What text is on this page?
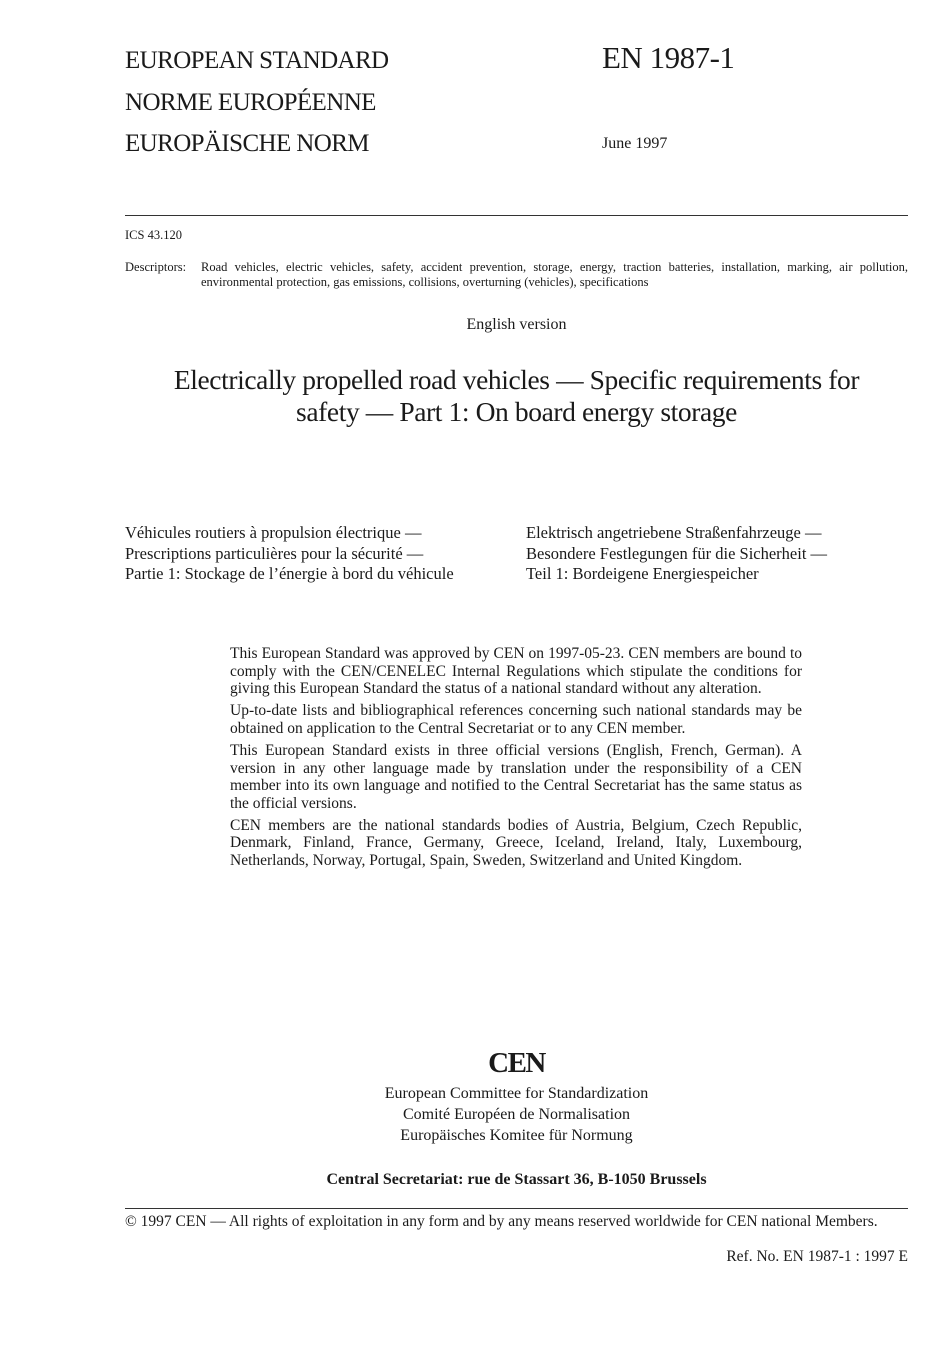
EUROPEAN STANDARD
NORME EUROPÉENNE
EUROPÄISCHE NORM
EN 1987-1
June 1997
ICS 43.120
Descriptors: Road vehicles, electric vehicles, safety, accident prevention, storage, energy, traction batteries, installation, marking, air pollution, environmental protection, gas emissions, collisions, overturning (vehicles), specifications
English version
Electrically propelled road vehicles — Specific requirements for
safety — Part 1: On board energy storage
Véhicules routiers à propulsion électrique —
Prescriptions particulières pour la sécurité —
Partie 1: Stockage de l’énergie à bord du véhicule
Elektrisch angetriebene Straßenfahrzeuge —
Besondere Festlegungen für die Sicherheit —
Teil 1: Bordeigene Energiespeicher

This European Standard was approved by CEN on 1997-05-23. CEN members are bound to comply with the CEN/CENELEC Internal Regulations which stipulate the conditions for giving this European Standard the status of a national standard without any alteration.

Up-to-date lists and bibliographical references concerning such national standards may be obtained on application to the Central Secretariat or to any CEN member.

This European Standard exists in three official versions (English, French, German). A version in any other language made by translation under the responsibility of a CEN member into its own language and notified to the Central Secretariat has the same status as the official versions.

CEN members are the national standards bodies of Austria, Belgium, Czech Republic, Denmark, Finland, France, Germany, Greece, Iceland, Ireland, Italy, Luxembourg, Netherlands, Norway, Portugal, Spain, Sweden, Switzerland and United Kingdom.

CEN
European Committee for Standardization
Comité Européen de Normalisation
Europäisches Komitee für Normung
Central Secretariat: rue de Stassart 36, B-1050 Brussels
© 1997 CEN — All rights of exploitation in any form and by any means reserved worldwide for CEN national Members.
Ref. No. EN 1987-1 : 1997 E
